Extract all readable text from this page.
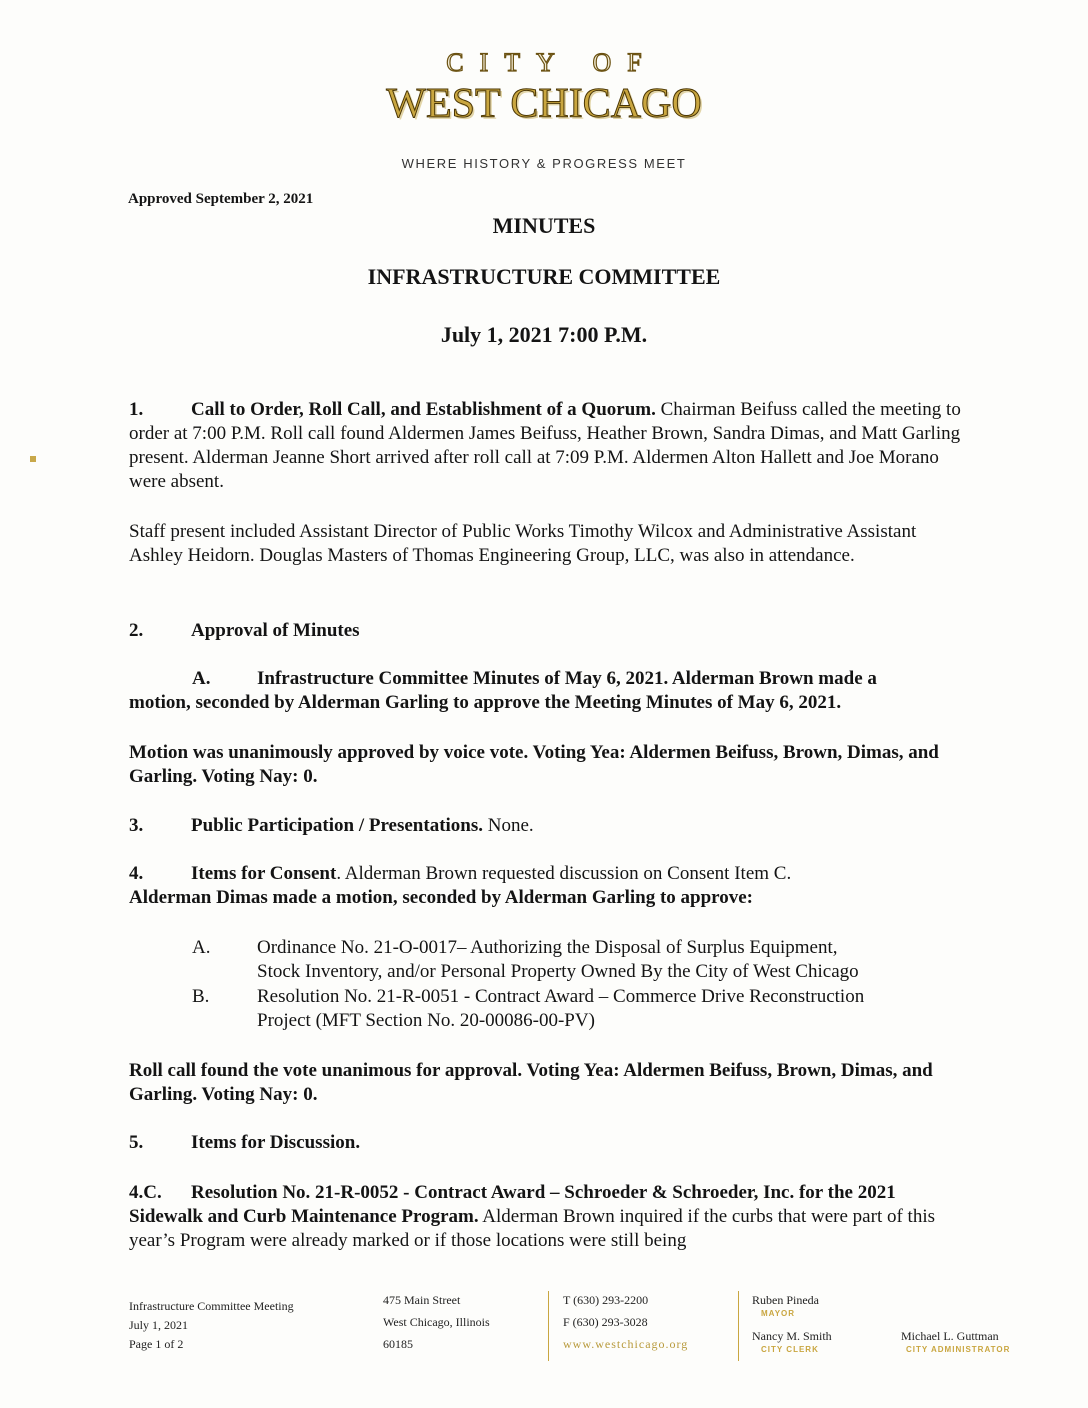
CITY OF
WEST CHICAGO
WHERE HISTORY & PROGRESS MEET
Approved September 2, 2021
MINUTES
INFRASTRUCTURE COMMITTEE
July 1, 2021 7:00 P.M.
1.	Call to Order, Roll Call, and Establishment of a Quorum. Chairman Beifuss called the meeting to order at 7:00 P.M. Roll call found Aldermen James Beifuss, Heather Brown, Sandra Dimas, and Matt Garling present. Alderman Jeanne Short arrived after roll call at 7:09 P.M. Aldermen Alton Hallett and Joe Morano were absent.
Staff present included Assistant Director of Public Works Timothy Wilcox and Administrative Assistant Ashley Heidorn. Douglas Masters of Thomas Engineering Group, LLC, was also in attendance.
2.	Approval of Minutes
A. Infrastructure Committee Minutes of May 6, 2021. Alderman Brown made a
motion, seconded by Alderman Garling to approve the Meeting Minutes of May 6, 2021.
Motion was unanimously approved by voice vote. Voting Yea: Aldermen Beifuss, Brown, Dimas, and Garling. Voting Nay: 0.
3.	Public Participation / Presentations. None.
4.	Items for Consent. Alderman Brown requested discussion on Consent Item C.
Alderman Dimas made a motion, seconded by Alderman Garling to approve:
A. Ordinance No. 21-O-0017– Authorizing the Disposal of Surplus Equipment,
Stock Inventory, and/or Personal Property Owned By the City of West Chicago
B.	Resolution No. 21-R-0051 - Contract Award – Commerce Drive Reconstruction
Project (MFT Section No. 20-00086-00-PV)
Roll call found the vote unanimous for approval. Voting Yea: Aldermen Beifuss, Brown, Dimas, and Garling. Voting Nay: 0.
5.	Items for Discussion.
4.C. Resolution No. 21-R-0052 - Contract Award – Schroeder & Schroeder, Inc. for the 2021 Sidewalk and Curb Maintenance Program. Alderman Brown inquired if the curbs that were part of this year’s Program were already marked or if those locations were still being
Infrastructure Committee Meeting
July 1, 2021
Page 1 of 2
475 Main Street
West Chicago, Illinois
60185
T (630) 293-2200
F (630) 293-3028
www.westchicago.org
Ruben Pineda
MAYOR
Nancy M. Smith
CITY CLERK
Michael L. Guttman
CITY ADMINISTRATOR
